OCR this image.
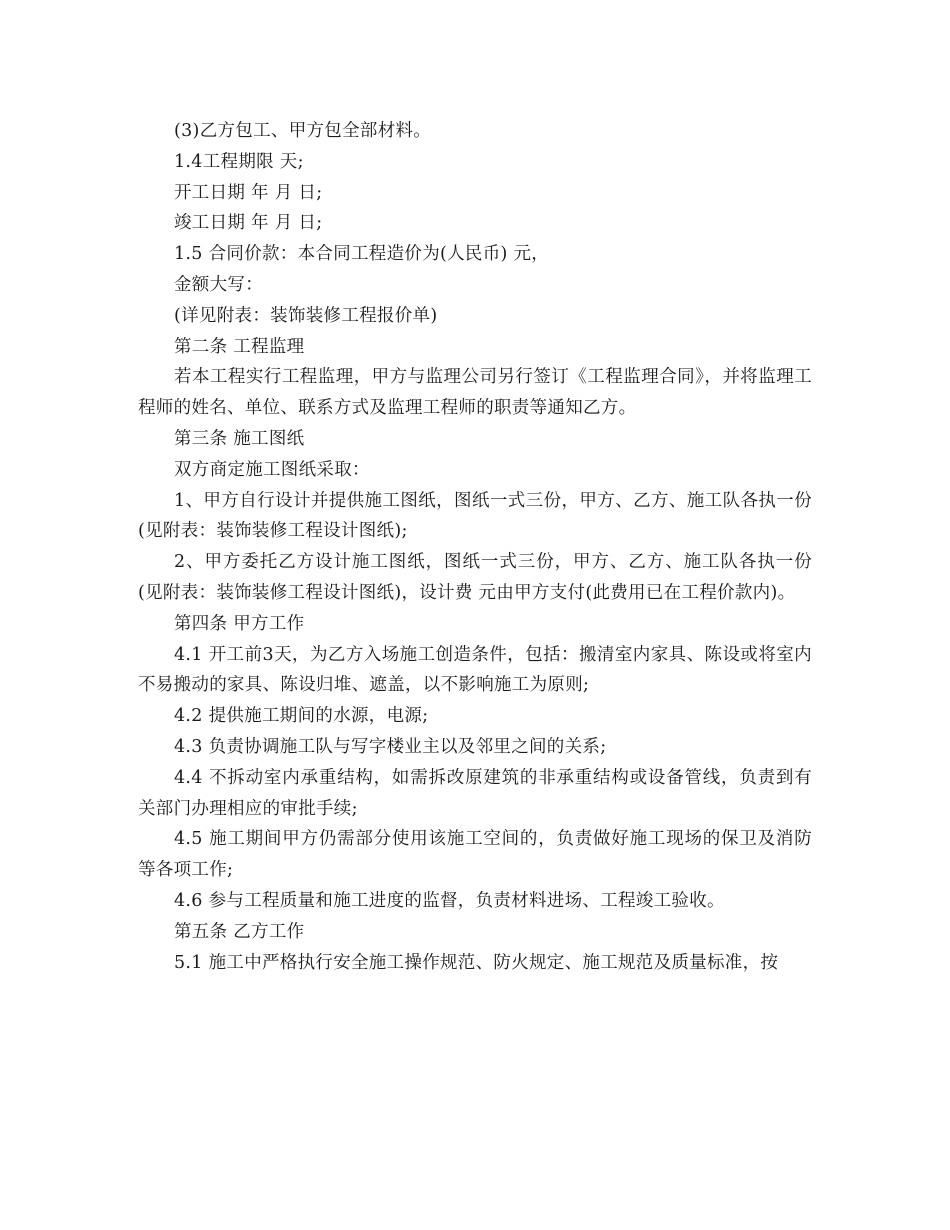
(3)乙方包工、甲方包全部材料。

1.4工程期限 天;

开工日期 年 月 日;

竣工日期 年 月 日;

1.5 合同价款：本合同工程造价为(人民币) 元，

金额大写：

(详见附表：装饰装修工程报价单)

第二条 工程监理

若本工程实行工程监理，甲方与监理公司另行签订《工程监理合同》，并将监理工程师的姓名、单位、联系方式及监理工程师的职责等通知乙方。

第三条 施工图纸

双方商定施工图纸采取：

1、甲方自行设计并提供施工图纸，图纸一式三份，甲方、乙方、施工队各执一份(见附表：装饰装修工程设计图纸);

2、甲方委托乙方设计施工图纸，图纸一式三份，甲方、乙方、施工队各执一份(见附表：装饰装修工程设计图纸)，设计费 元由甲方支付(此费用已在工程价款内)。

第四条 甲方工作

4.1 开工前3天，为乙方入场施工创造条件，包括：搬清室内家具、陈设或将室内不易搬动的家具、陈设归堆、遮盖，以不影响施工为原则;

4.2 提供施工期间的水源，电源;

4.3 负责协调施工队与写字楼业主以及邻里之间的关系;

4.4 不拆动室内承重结构，如需拆改原建筑的非承重结构或设备管线，负责到有关部门办理相应的审批手续;

4.5 施工期间甲方仍需部分使用该施工空间的，负责做好施工现场的保卫及消防等各项工作;

4.6 参与工程质量和施工进度的监督，负责材料进场、工程竣工验收。

第五条 乙方工作

5.1 施工中严格执行安全施工操作规范、防火规定、施工规范及质量标准，按
